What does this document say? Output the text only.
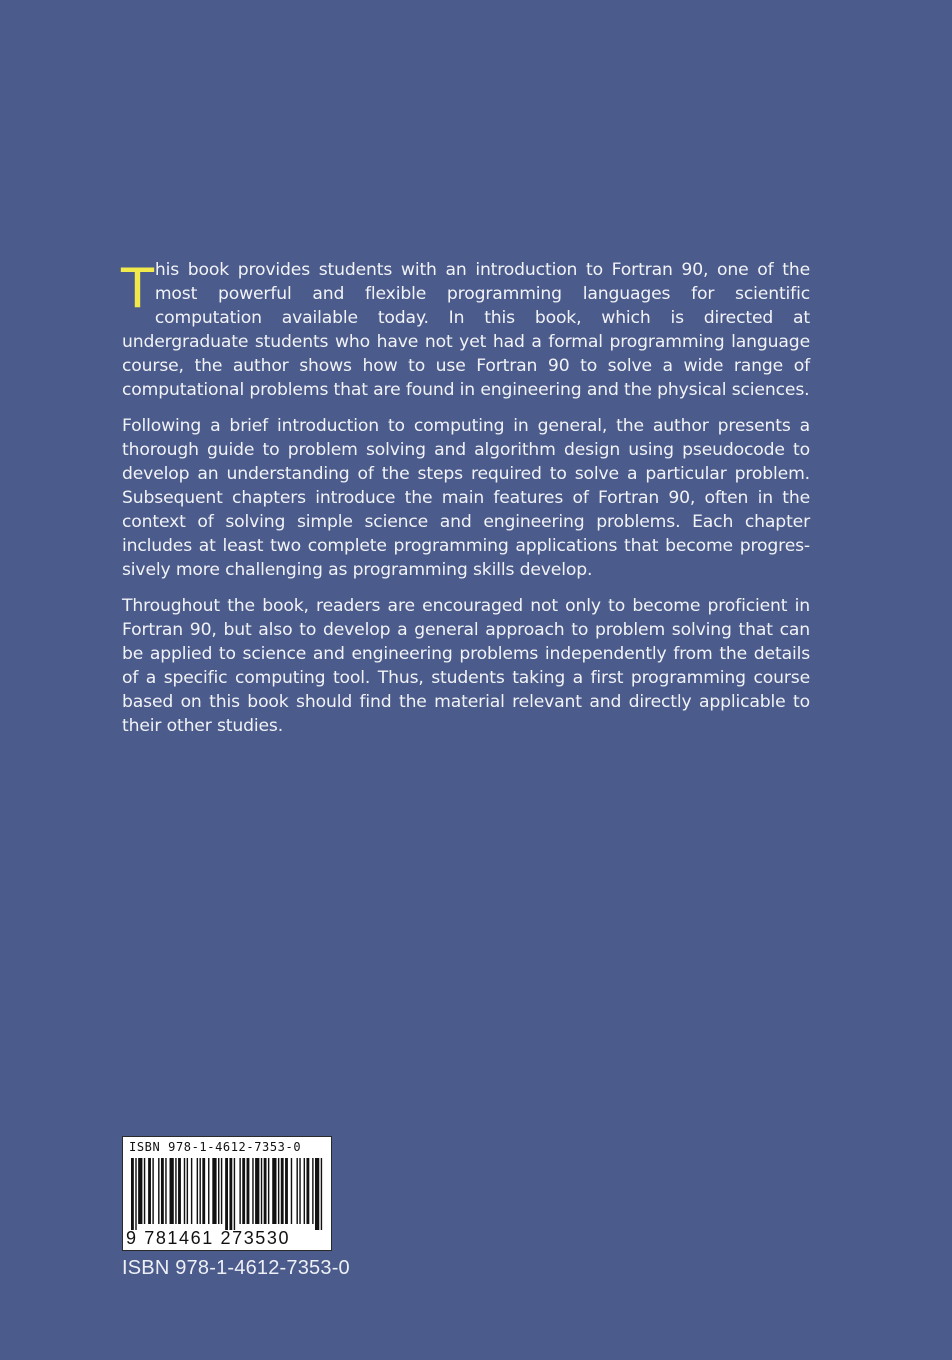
This book provides students with an introduction to Fortran 90, one of the most powerful and flexible programming languages for scientific computation available today. In this book, which is directed at undergraduate students who have not yet had a formal programming language course, the author shows how to use Fortran 90 to solve a wide range of computational problems that are found in engineering and the physical sciences.

Following a brief introduction to computing in general, the author presents a thorough guide to problem solving and algorithm design using pseudocode to develop an understanding of the steps required to solve a particular problem. Subsequent chapters introduce the main features of Fortran 90, often in the context of solving simple science and engineering problems. Each chapter includes at least two complete programming applications that become progres-sively more challenging as programming skills develop.

Throughout the book, readers are encouraged not only to become proficient in Fortran 90, but also to develop a general approach to problem solving that can be applied to science and engineering problems independently from the details of a specific computing tool. Thus, students taking a first programming course based on this book should find the material relevant and directly applicable to their other studies.

ISBN 978-1-4612-7353-0
9 781461 273530
ISBN 978-1-4612-7353-0
